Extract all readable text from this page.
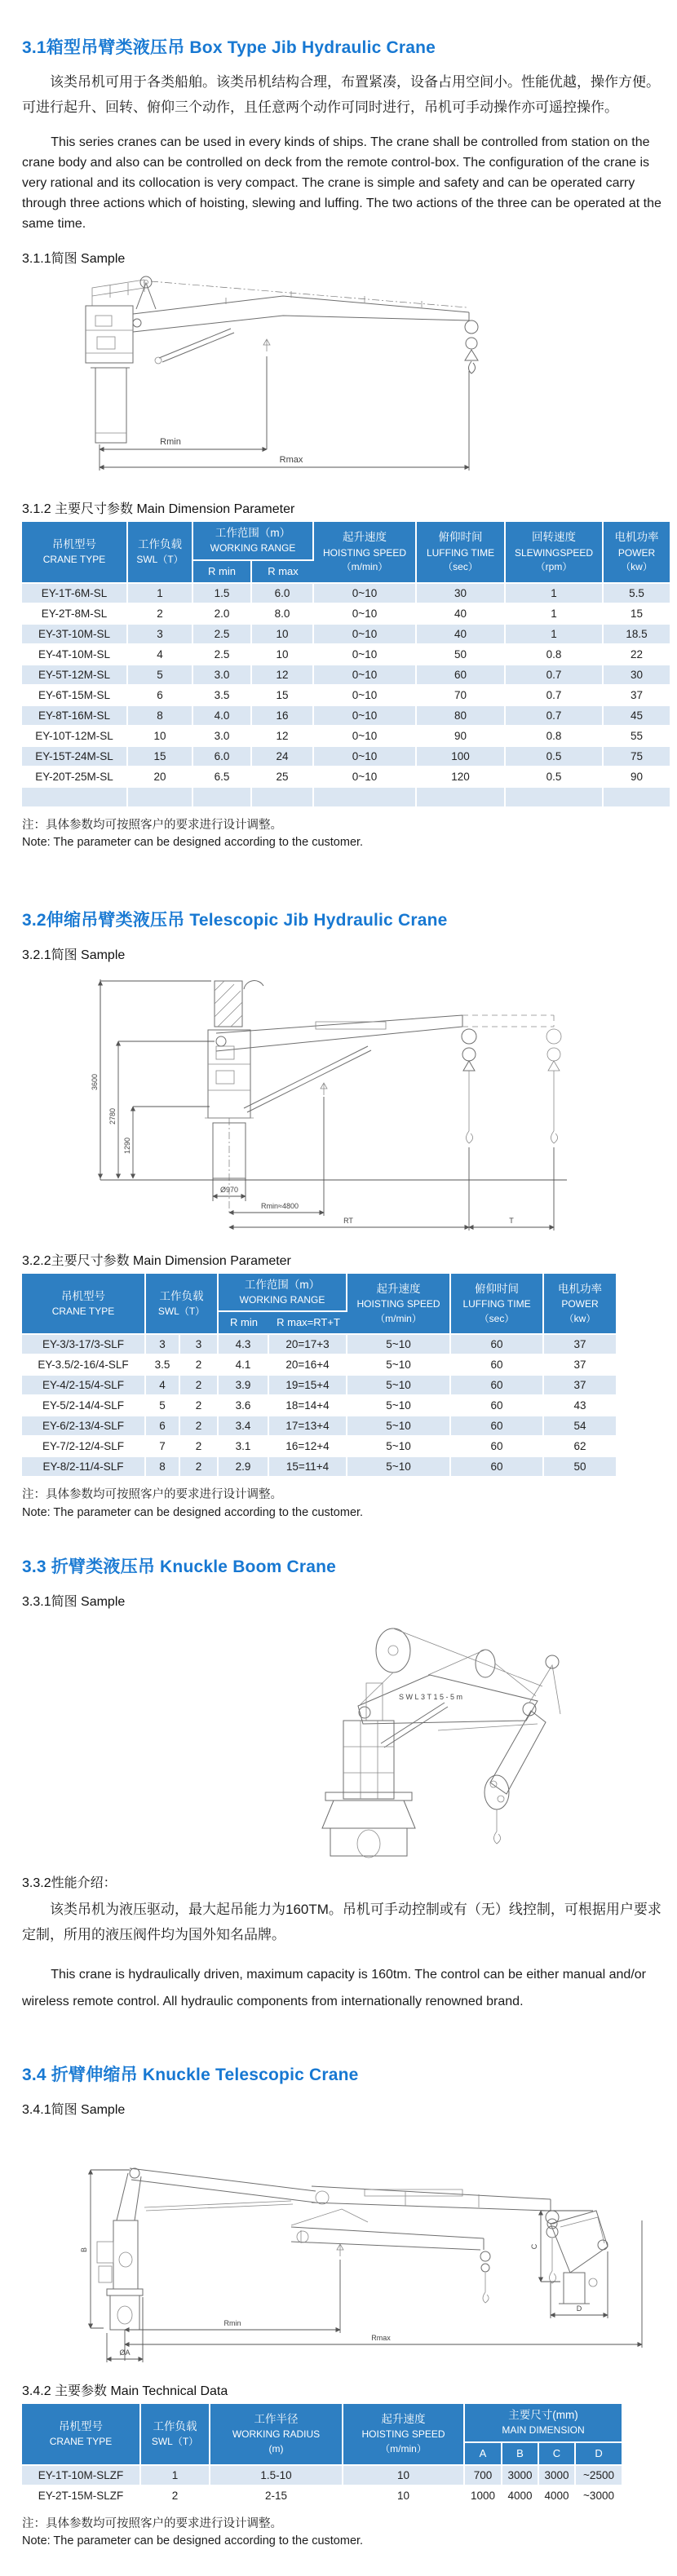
3.1箱型吊臂类液压吊 Box Type Jib Hydraulic Crane

该类吊机可用于各类船舶。该类吊机结构合理，布置紧凑，设备占用空间小。性能优越，操作方便。可进行起升、回转、俯仰三个动作，且任意两个动作可同时进行，吊机可手动操作亦可遥控操作。

This series cranes can be used in every kinds of ships. The crane shall be controlled from station on the crane body and also can be controlled on deck from the remote control-box. The configuration of the crane is very rational and its collocation is very compact. The crane is simple and safety and can be operated carry through three actions which of hoisting, slewing and luffing. The two actions of the three can be operated at the same time.

3.1.1简图 Sample
Rmin
Rmax
3.1.2 主要尺寸参数 Main Dimension Parameter
吊机型号
CRANE TYPE	工作负载
SWL（T）	工作范围（m）
WORKING RANGE		起升速度
HOISTING SPEED
（m/min）	俯仰时间
LUFFING TIME
（sec）	回转速度
SLEWINGSPEED
（rpm）	电机功率
POWER
（kw）

		R min	R max				
EY-1T-6M-SL	1	1.5	6.0	0~10	30	1	5.5
EY-2T-8M-SL	2	2.0	8.0	0~10	40	1	15
EY-3T-10M-SL	3	2.5	10	0~10	40	1	18.5
EY-4T-10M-SL	4	2.5	10	0~10	50	0.8	22
EY-5T-12M-SL	5	3.0	12	0~10	60	0.7	30
EY-6T-15M-SL	6	3.5	15	0~10	70	0.7	37
EY-8T-16M-SL	8	4.0	16	0~10	80	0.7	45
EY-10T-12M-SL	10	3.0	12	0~10	90	0.8	55
EY-15T-24M-SL	15	6.0	24	0~10	100	0.5	75
EY-20T-25M-SL	20	6.5	25	0~10	120	0.5	90

注：具体参数均可按照客户的要求进行设计调整。

Note: The parameter can be designed according to the customer.

3.2伸缩吊臂类液压吊 Telescopic Jib Hydraulic Crane
3.2.1简图 Sample
3600
2780
1290
Ø970
Rmin≈4800
RT	T
3.2.2主要尺寸参数 Main Dimension Parameter
吊机型号
CRANE TYPE	工作负载
SWL（T）		工作范围（m）
WORKING RANGE		起升速度
HOISTING SPEED
（m/min）	俯仰时间
LUFFING TIME
（sec）	电机功率
POWER
（kw）

			R min	R max=RT+T			
EY-3/3-17/3-SLF	3	3	4.3	20=17+3	5~10	60	37
EY-3.5/2-16/4-SLF	3.5	2	4.1	20=16+4	5~10	60	37
EY-4/2-15/4-SLF	4	2	3.9	19=15+4	5~10	60	37
EY-5/2-14/4-SLF	5	2	3.6	18=14+4	5~10	60	43
EY-6/2-13/4-SLF	6	2	3.4	17=13+4	5~10	60	54
EY-7/2-12/4-SLF	7	2	3.1	16=12+4	5~10	60	62
EY-8/2-11/4-SLF	8	2	2.9	15=11+4	5~10	60	50

注：具体参数均可按照客户的要求进行设计调整。

Note: The parameter can be designed according to the customer.

3.3 折臂类液压吊 Knuckle Boom Crane
3.3.1简图 Sample
SWL3T15-5m
3.3.2性能介绍：

该类吊机为液压驱动，最大起吊能力为160TM。吊机可手动控制或有（无）线控制，可根据用户要求定制，所用的液压阀件均为国外知名品牌。

This crane is hydraulically driven, maximum capacity is 160tm. The control can be either manual and/or wireless remote control. All hydraulic components from internationally renowned brand.

3.4 折臂伸缩吊 Knuckle Telescopic Crane
3.4.1简图 Sample
B
C
D
Rmin
Rmax
ØA
3.4.2 主要参数 Main Technical Data
吊机型号
CRANE TYPE	工作负载
SWL（T）	工作半径
WORKING RADIUS
(m)	起升速度
HOISTING SPEED
（m/min）	主要尺寸(mm)
MAIN DIMENSION			

				A	B	C	D
EY-1T-10M-SLZF	1	1.5-10	10	700	3000	3000	~2500
EY-2T-15M-SLZF	2	2-15	10	1000	4000	4000	~3000

注：具体参数均可按照客户的要求进行设计调整。

Note: The parameter can be designed according to the customer.
